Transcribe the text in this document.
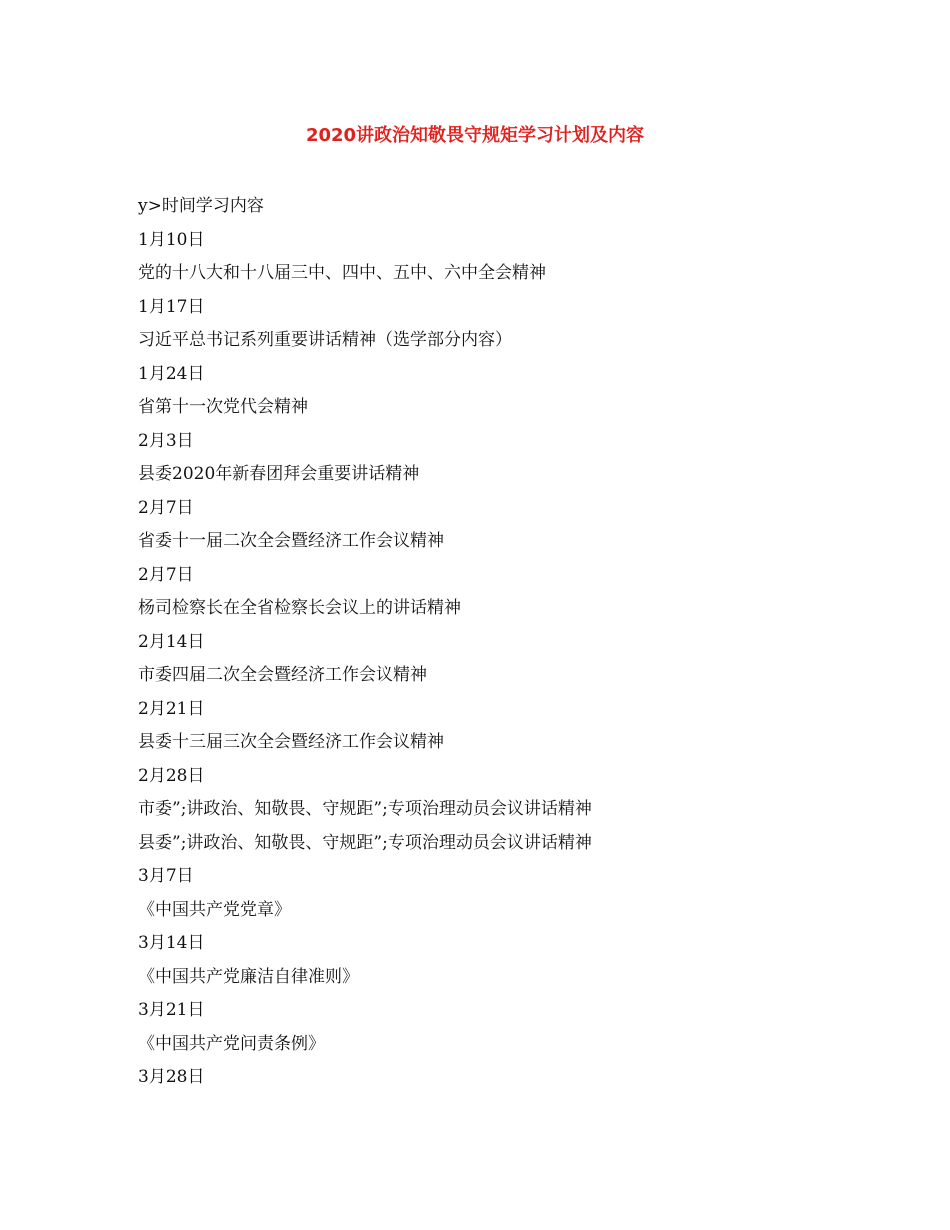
2020讲政治知敬畏守规矩学习计划及内容
y>时间学习内容
1月10日
党的十八大和十八届三中、四中、五中、六中全会精神
1月17日
习近平总书记系列重要讲话精神（选学部分内容）
1月24日
省第十一次党代会精神
2月3日
县委2020年新春团拜会重要讲话精神
2月7日
省委十一届二次全会暨经济工作会议精神
2月7日
杨司检察长在全省检察长会议上的讲话精神
2月14日
市委四届二次全会暨经济工作会议精神
2月21日
县委十三届三次全会暨经济工作会议精神
2月28日
市委”;讲政治、知敬畏、守规距”;专项治理动员会议讲话精神
县委”;讲政治、知敬畏、守规距”;专项治理动员会议讲话精神
3月7日
《中国共产党党章》
3月14日
《中国共产党廉洁自律准则》
3月21日
《中国共产党问责条例》
3月28日
